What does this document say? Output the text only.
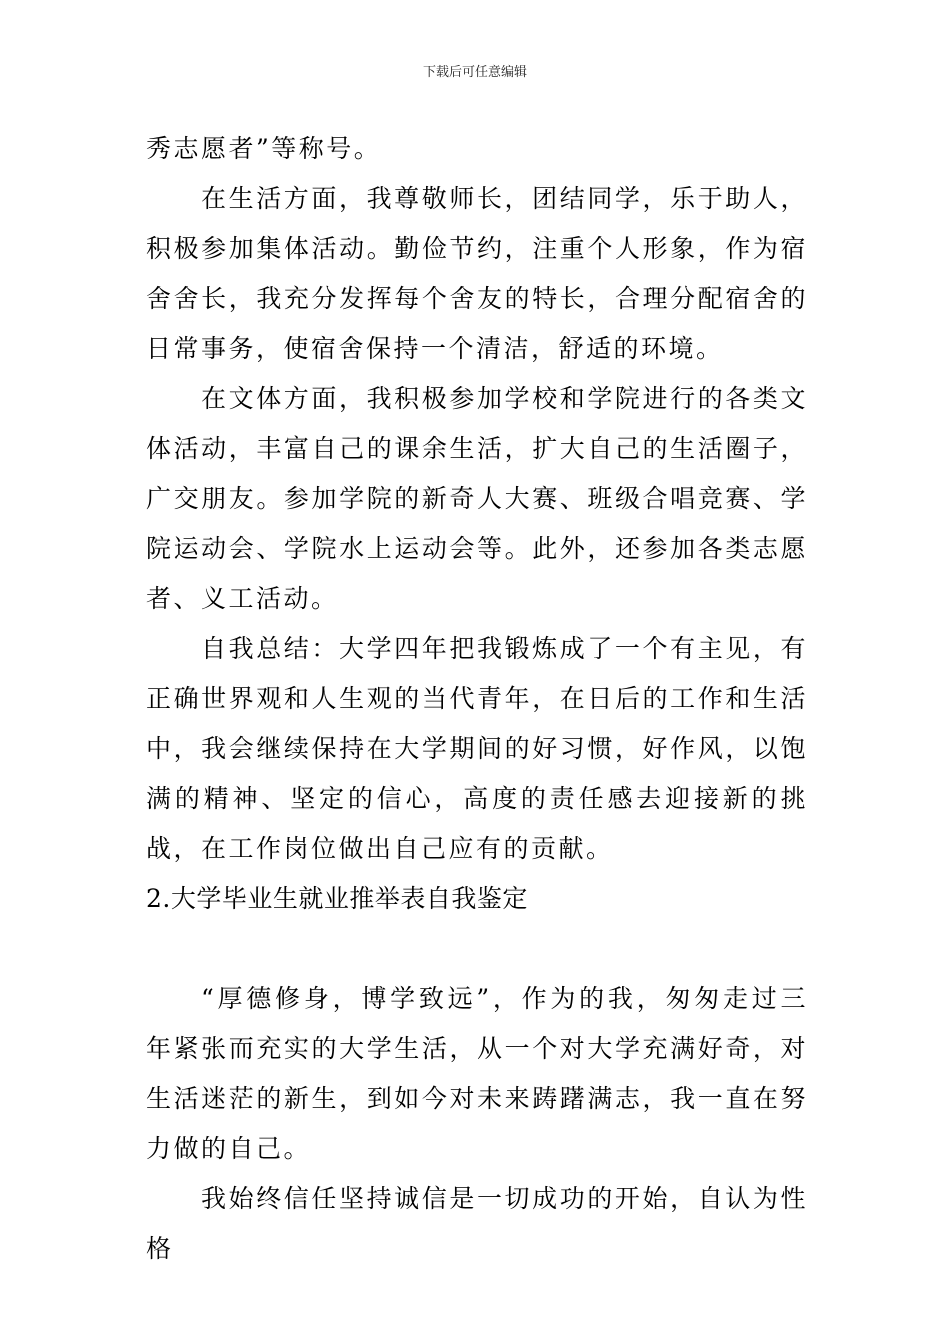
下载后可任意编辑

秀志愿者”等称号。

在生活方面，我尊敬师长，团结同学，乐于助人，积极参加集体活动。勤俭节约，注重个人形象，作为宿舍舍长，我充分发挥每个舍友的特长，合理分配宿舍的日常事务，使宿舍保持一个清洁，舒适的环境。

在文体方面，我积极参加学校和学院进行的各类文体活动，丰富自己的课余生活，扩大自己的生活圈子，广交朋友。参加学院的新奇人大赛、班级合唱竞赛、学院运动会、学院水上运动会等。此外，还参加各类志愿者、义工活动。

自我总结：大学四年把我锻炼成了一个有主见，有正确世界观和人生观的当代青年，在日后的工作和生活中，我会继续保持在大学期间的好习惯，好作风，以饱满的精神、坚定的信心，高度的责任感去迎接新的挑战，在工作岗位做出自己应有的贡献。

2.大学毕业生就业推举表自我鉴定

“厚德修身，博学致远”，作为的我，匆匆走过三年紧张而充实的大学生活，从一个对大学充满好奇，对生活迷茫的新生，到如今对未来踌躇满志，我一直在努力做的自己。

我始终信任坚持诚信是一切成功的开始，自认为性格
